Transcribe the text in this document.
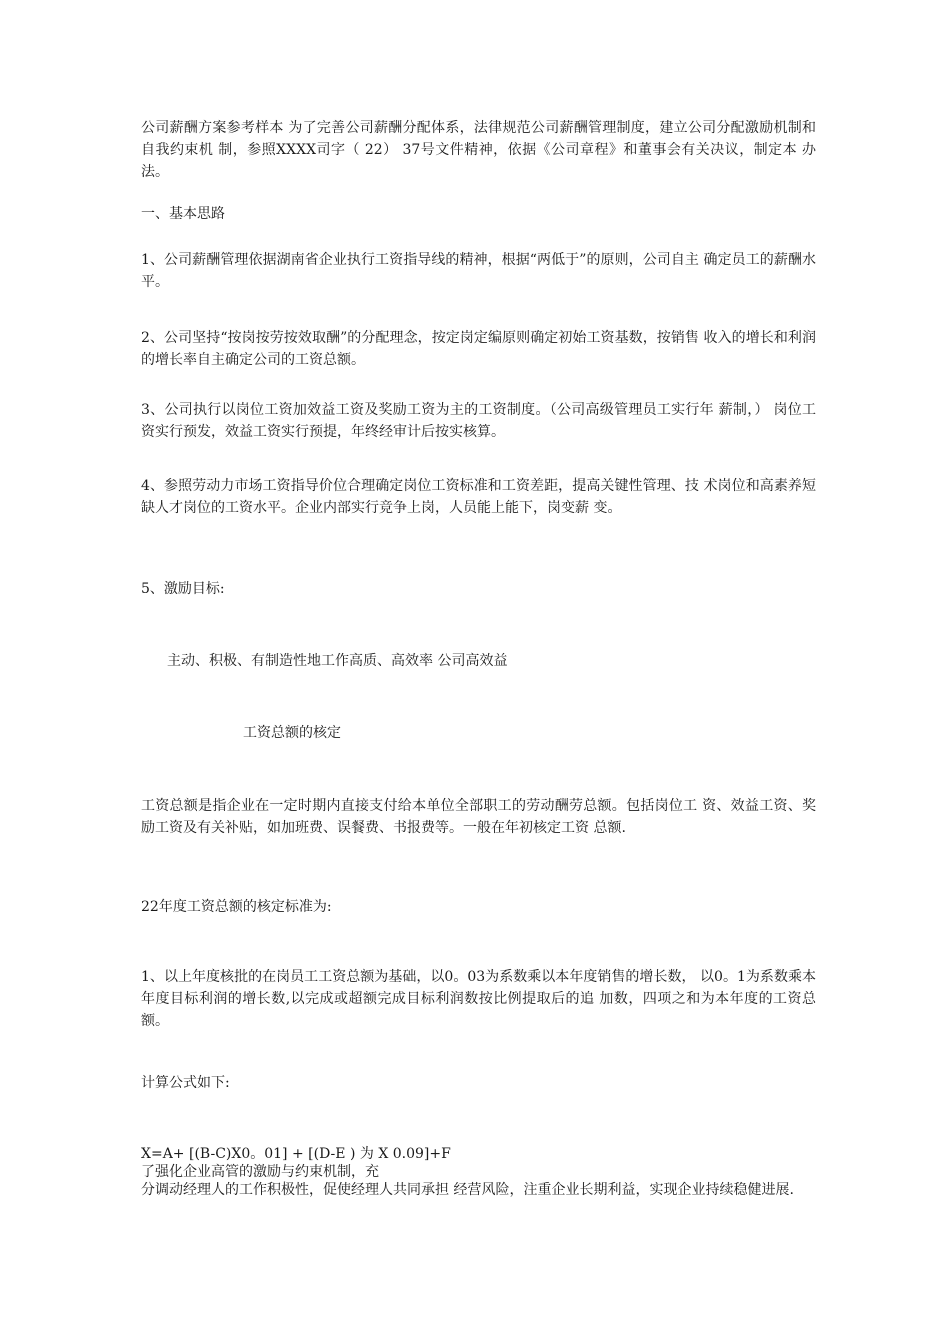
公司薪酬方案参考样本 为了完善公司薪酬分配体系，法律规范公司薪酬管理制度，建立公司分配激励机制和自我约束机 制，参照XXXX司字（ 22） 37号文件精神，依据《公司章程》和董事会有关决议，制定本 办法。

一、基本思路

1、公司薪酬管理依据湖南省企业执行工资指导线的精神，根据“两低于”的原则，公司自主 确定员工的薪酬水平。

2、公司坚持“按岗按劳按效取酬”的分配理念，按定岗定编原则确定初始工资基数，按销售 收入的增长和利润的增长率自主确定公司的工资总额。

3、公司执行以岗位工资加效益工资及奖励工资为主的工资制度。（公司高级管理员工实行年 薪制，） 岗位工资实行预发，效益工资实行预提，年终经审计后按实核算。

4、参照劳动力市场工资指导价位合理确定岗位工资标准和工资差距，提高关键性管理、技 术岗位和高素养短缺人才岗位的工资水平。企业内部实行竞争上岗，人员能上能下，岗变薪 变。

5、激励目标:

主动、积极、有制造性地工作高质、高效率 公司高效益

工资总额的核定

工资总额是指企业在一定时期内直接支付给本单位全部职工的劳动酬劳总额。包括岗位工 资、效益工资、奖励工资及有关补贴，如加班费、误餐费、书报费等。一般在年初核定工资 总额.

22年度工资总额的核定标准为:

1、以上年度核批的在岗员工工资总额为基础，以0。03为系数乘以本年度销售的增长数， 以0。1为系数乘本年度目标利润的增长数,以完成或超额完成目标利润数按比例提取后的追 加数，四项之和为本年度的工资总额。

计算公式如下:

X=A+ [(B-C)X0。01] + [(D-E ) 为 X 0.09]+F

了强化企业高管的激励与约束机制，充

分调动经理人的工作积极性，促使经理人共同承担 经营风险，注重企业长期利益，实现企业持续稳健进展.
